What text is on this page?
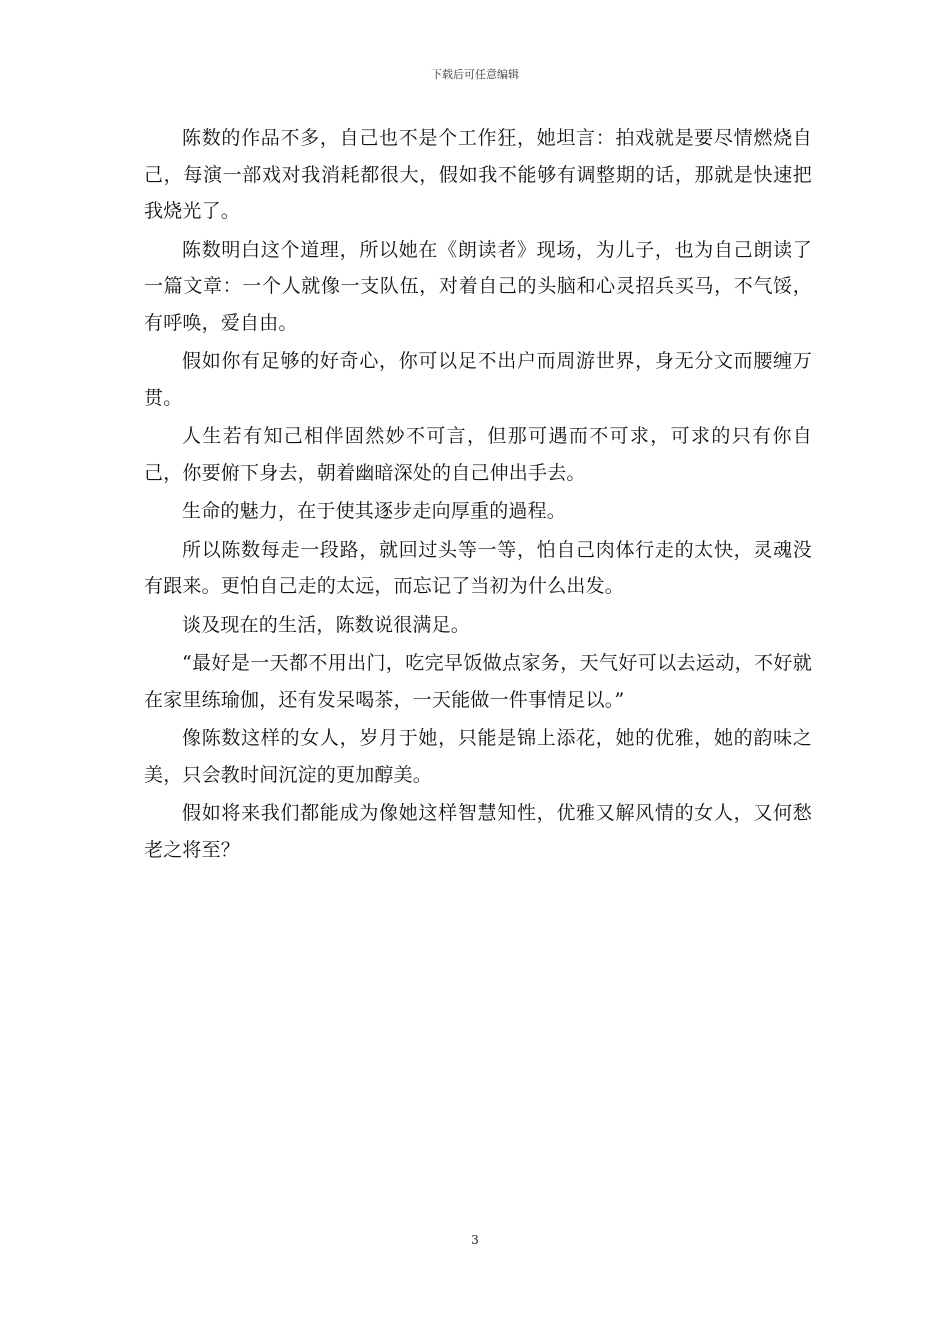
下载后可任意编辑

陈数的作品不多，自己也不是个工作狂，她坦言：拍戏就是要尽情燃烧自己，每演一部戏对我消耗都很大，假如我不能够有调整期的话，那就是快速把我烧光了。

陈数明白这个道理，所以她在《朗读者》现场，为儿子，也为自己朗读了一篇文章：一个人就像一支队伍，对着自己的头脑和心灵招兵买马，不气馁，有呼唤，爱自由。

假如你有足够的好奇心，你可以足不出户而周游世界，身无分文而腰缠万贯。

人生若有知己相伴固然妙不可言，但那可遇而不可求，可求的只有你自己，你要俯下身去，朝着幽暗深处的自己伸出手去。

生命的魅力，在于使其逐步走向厚重的過程。

所以陈数每走一段路，就回过头等一等，怕自己肉体行走的太快，灵魂没有跟来。更怕自己走的太远，而忘记了当初为什么出发。

谈及现在的生活，陈数说很满足。

“最好是一天都不用出门，吃完早饭做点家务，天气好可以去运动，不好就在家里练瑜伽，还有发呆喝茶，一天能做一件事情足以。”

像陈数这样的女人，岁月于她，只能是锦上添花，她的优雅，她的韵味之美，只会教时间沉淀的更加醇美。

假如将来我们都能成为像她这样智慧知性，优雅又解风情的女人，又何愁老之将至？

3
